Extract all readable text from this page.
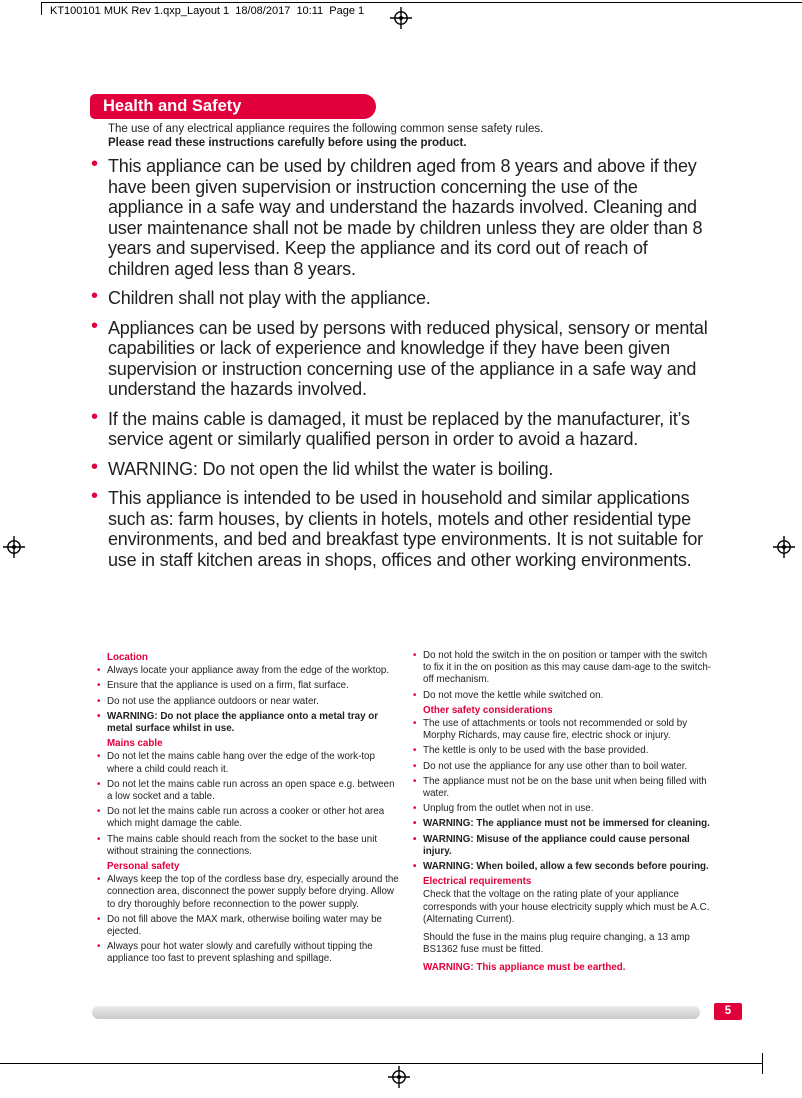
KT100101 MUK Rev 1.qxp_Layout 1  18/08/2017  10:11  Page 1
Health and Safety
The use of any electrical appliance requires the following common sense safety rules.
Please read these instructions carefully before using the product.
•
This appliance can be used by children aged from 8 years and above if they have been given supervision or instruction concerning the use of the appliance in a safe way and understand the hazards involved. Cleaning and user maintenance shall not be made by children unless they are older than 8 years and supervised. Keep the appliance and its cord out of reach of children aged less than 8 years.
•
Children shall not play with the appliance.
•
Appliances can be used by persons with reduced physical, sensory or mental capabilities or lack of experience and knowledge if they have been given supervision or instruction concerning use of the appliance in a safe way and understand the hazards involved.
•
If the mains cable is damaged, it must be replaced by the manufacturer, it’s service agent or similarly qualified person in order to avoid a hazard.
•
WARNING: Do not open the lid whilst the water is boiling.
•
This appliance is intended to be used in household and similar applications such as: farm houses, by clients in hotels, motels and other residential type environments, and bed and breakfast type environments. It is not suitable for use in staff kitchen areas in shops, offices and other working environments.
Location
•
Always locate your appliance away from the edge of the worktop.
•
Ensure that the appliance is used on a firm, flat surface.
•
Do not use the appliance outdoors or near water.
•
WARNING: Do not place the appliance onto a metal tray or metal surface whilst in use.
Mains cable
•
Do not let the mains cable hang over the edge of the work-top where a child could reach it.
•
Do not let the mains cable run across an open space e.g. between a low socket and a table.
•
Do not let the mains cable run across a cooker or other hot area which might damage the cable.
•
The mains cable should reach from the socket to the base unit without straining the connections.
Personal safety
•
Always keep the top of the cordless base dry, especially around the connection area, disconnect the power supply before drying. Allow to dry thoroughly before reconnection to the power supply.
•
Do not fill above the MAX mark, otherwise boiling water may be ejected.
•
Always pour hot water slowly and carefully without tipping the appliance too fast to prevent splashing and spillage.
•
Do not hold the switch in the on position or tamper with the switch to fix it in the on position as this may cause dam-age to the switch-off mechanism.
•
Do not move the kettle while switched on.
Other safety considerations
•
The use of attachments or tools not recommended or sold by Morphy Richards, may cause fire, electric shock or injury.
•
The kettle is only to be used with the base provided.
•
Do not use the appliance for any use other than to boil water.
•
The appliance must not be on the base unit when being filled with water.
•
Unplug from the outlet when not in use.
•
WARNING: The appliance must not be immersed for cleaning.
•
WARNING: Misuse of the appliance could cause personal injury.
•
WARNING: When boiled, allow a few seconds before pouring.
Electrical requirements
Check that the voltage on the rating plate of your appliance corresponds with your house electricity supply which must be A.C. (Alternating Current).
Should the fuse in the mains plug require changing, a 13 amp BS1362 fuse must be fitted.
WARNING: This appliance must be earthed.
5
